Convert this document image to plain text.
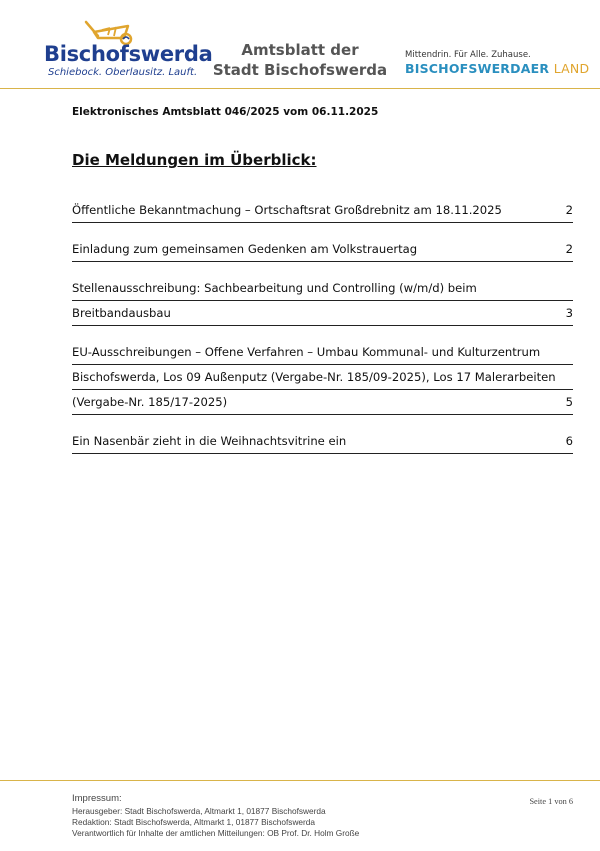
Bischofswerda
Schiebock. Oberlausitz. Lauft.
Amtsblatt der
Stadt Bischofswerda
Mittendrin. Für Alle. Zuhause.
BISCHOFSWERDAER LAND
Elektronisches Amtsblatt 046/2025 vom 06.11.2025
Die Meldungen im Überblick:
Öffentliche Bekanntmachung – Ortschaftsrat Großdrebnitz am 18.11.2025	2
Einladung zum gemeinsamen Gedenken am Volkstrauertag	2
Stellenausschreibung: Sachbearbeitung und Controlling (w/m/d) beim
Breitbandausbau	3
EU-Ausschreibungen – Offene Verfahren – Umbau Kommunal- und Kulturzentrum
Bischofswerda, Los 09 Außenputz (Vergabe-Nr. 185/09-2025), Los 17 Malerarbeiten
(Vergabe-Nr. 185/17-2025)	5
Ein Nasenbär zieht in die Weihnachtsvitrine ein	6
Impressum:
Herausgeber: Stadt Bischofswerda, Altmarkt 1, 01877 Bischofswerda
Redaktion: Stadt Bischofswerda, Altmarkt 1, 01877 Bischofswerda
Verantwortlich für Inhalte der amtlichen Mitteilungen: OB Prof. Dr. Holm Große
Seite 1 von 6
